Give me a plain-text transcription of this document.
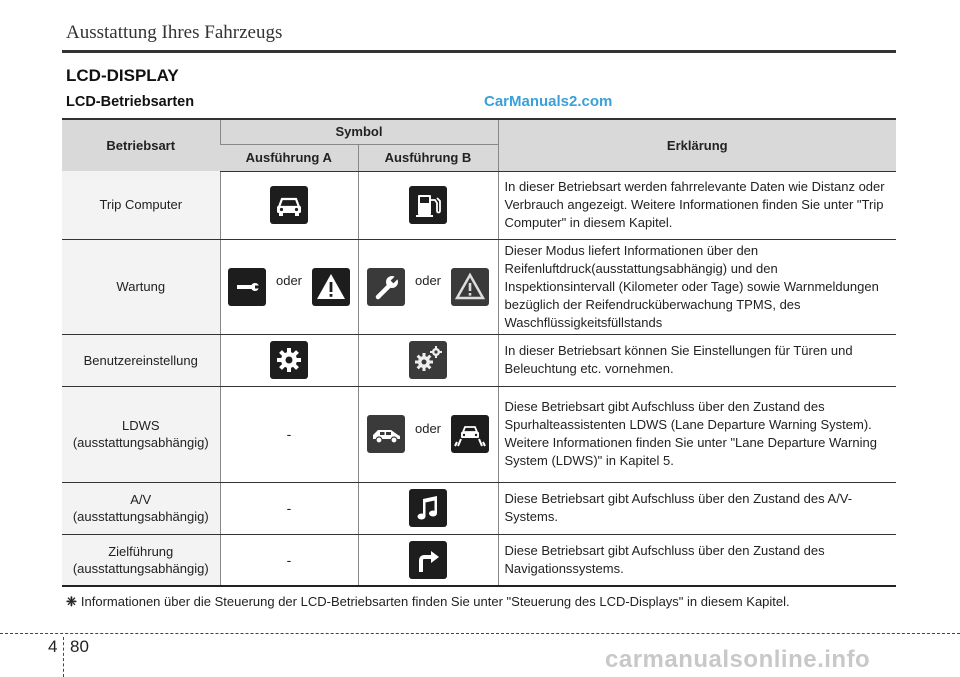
Ausstattung Ihres Fahrzeugs
LCD-DISPLAY
LCD-Betriebsarten	CarManuals2.com
Betriebsart	Symbol		Erklärung
	Ausführung A	Ausführung B	
Trip Computer			In dieser Betriebsart werden fahrrelevante Daten wie Distanz oder Verbrauch angezeigt. Weitere Informationen finden Sie unter "Trip Computer" in diesem Kapitel.
Wartung	oder	oder	Dieser Modus liefert Informationen über den Reifenluftdruck(ausstattungsabhängig) und den Inspektionsintervall (Kilometer oder Tage) sowie Warnmeldungen bezüglich der Reifendrucküberwachung TPMS, des Waschflüssigkeitsfüllstands
Benutzereinstellung			In dieser Betriebsart können Sie Einstellungen für Türen und Beleuchtung etc. vornehmen.
LDWS
(ausstattungsabhängig)	-	oder	Diese Betriebsart gibt Aufschluss über den Zustand des Spurhalteassistenten LDWS (Lane Departure Warning System). Weitere Informationen finden Sie unter "Lane Departure Warning System (LDWS)" in Kapitel 5.
A/V
(ausstattungsabhängig)	-		Diese Betriebsart gibt Aufschluss über den Zustand des A/V-Systems.
Zielführung
(ausstattungsabhängig)	-		Diese Betriebsart gibt Aufschluss über den Zustand des Navigationssystems.
❈ Informationen über die Steuerung der LCD-Betriebsarten finden Sie unter "Steuerung des LCD-Displays" in diesem Kapitel.
4 80	carmanualsonline.info
